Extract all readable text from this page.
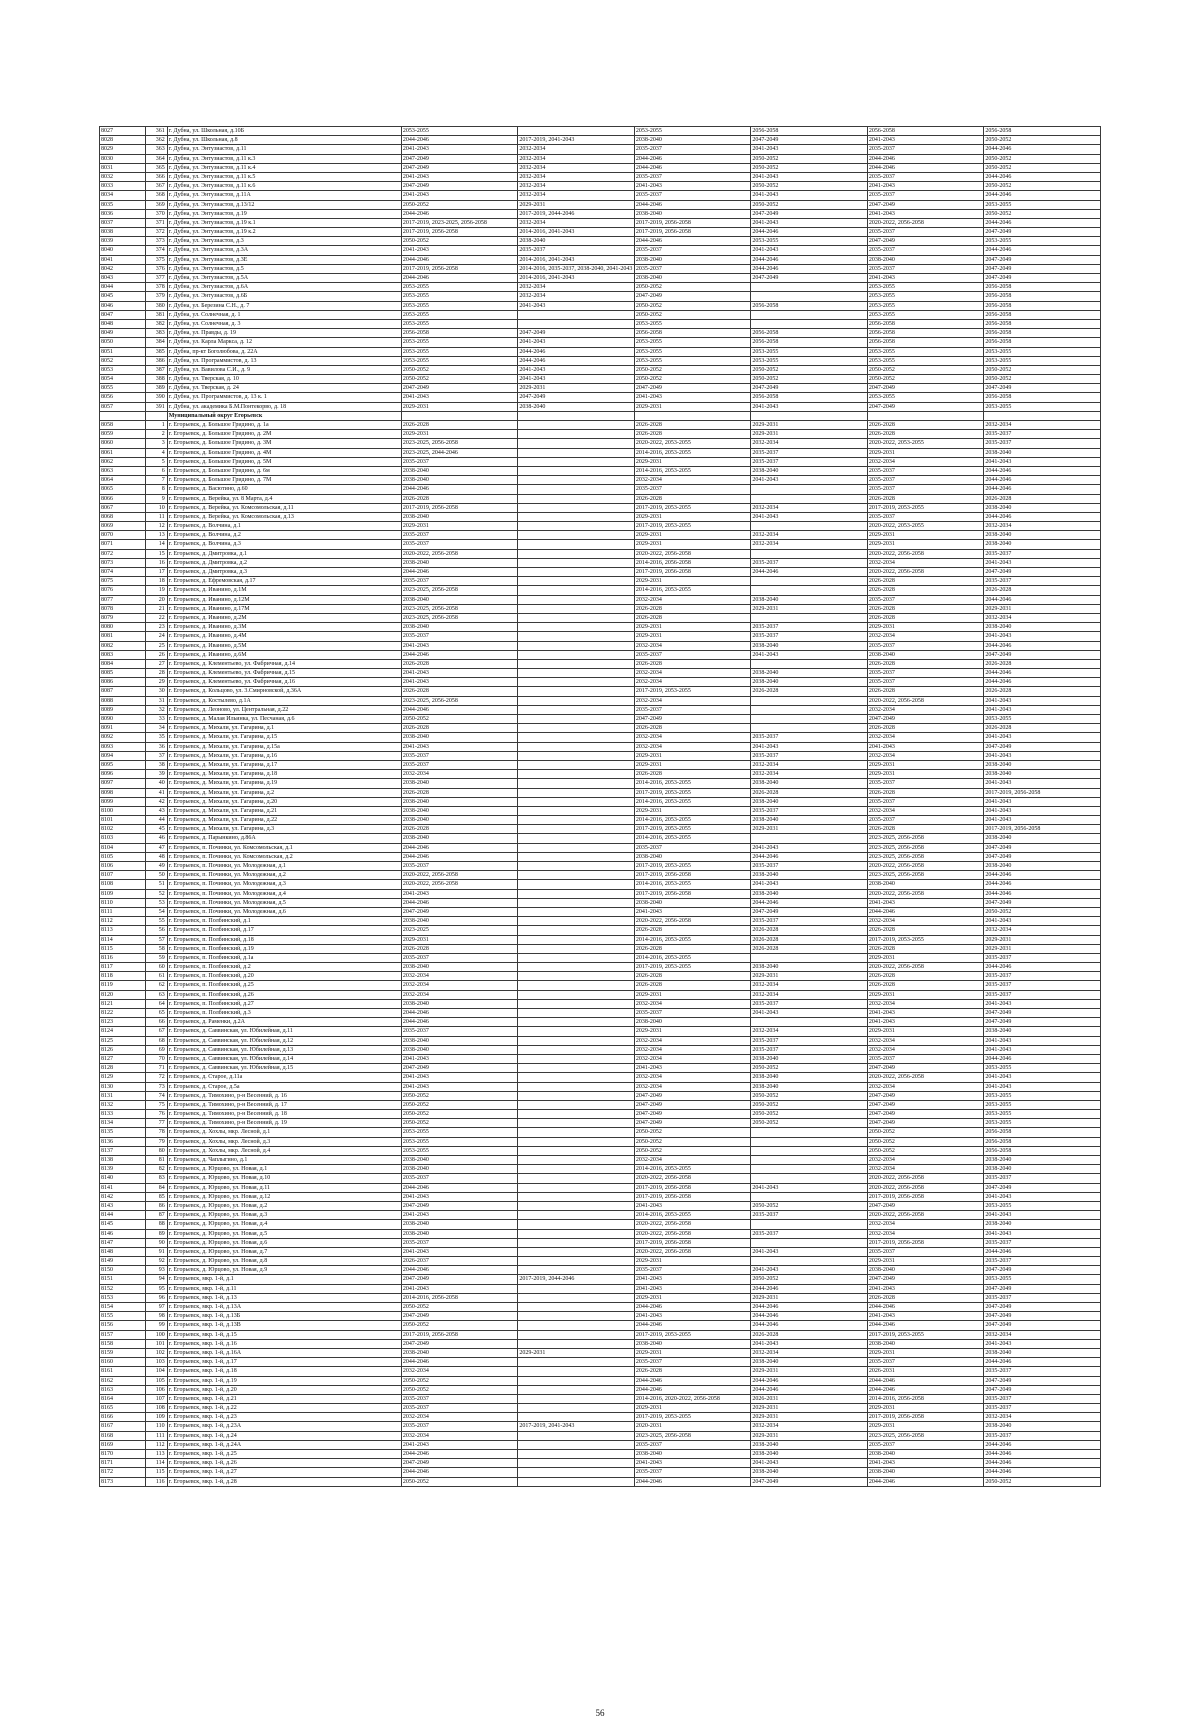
8027	361	г. Дубна, ул. Школьная, д.10Б	2053-2055		2053-2055	2056-2058	2056-2058	2056-2058
8028	362	г. Дубна, ул. Школьная, д.8	2044-2046	2017-2019, 2041-2043	2038-2040	2047-2049	2041-2043	2050-2052
8029	363	г. Дубна, ул. Энтузиастов, д.11	2041-2043	2032-2034	2035-2037	2041-2043	2035-2037	2044-2046
8030	364	г. Дубна, ул. Энтузиастов, д.11 к.3	2047-2049	2032-2034	2044-2046	2050-2052	2044-2046	2050-2052
8031	365	г. Дубна, ул. Энтузиастов, д.11 к.4	2047-2049	2032-2034	2044-2046	2050-2052	2044-2046	2050-2052
8032	366	г. Дубна, ул. Энтузиастов, д.11 к.5	2041-2043	2032-2034	2035-2037	2041-2043	2035-2037	2044-2046
8033	367	г. Дубна, ул. Энтузиастов, д.11 к.6	2047-2049	2032-2034	2041-2043	2050-2052	2041-2043	2050-2052
8034	368	г. Дубна, ул. Энтузиастов, д.11А	2041-2043	2032-2034	2035-2037	2041-2043	2035-2037	2044-2046
8035	369	г. Дубна, ул. Энтузиастов, д.13/12	2050-2052	2029-2031	2044-2046	2050-2052	2047-2049	2053-2055
8036	370	г. Дубна, ул. Энтузиастов, д.19	2044-2046	2017-2019, 2044-2046	2038-2040	2047-2049	2041-2043	2050-2052
8037	371	г. Дубна, ул. Энтузиастов, д.19 к.1	2017-2019, 2023-2025, 2056-2058	2032-2034	2017-2019, 2056-2058	2041-2043	2020-2022, 2056-2058	2044-2046
8038	372	г. Дубна, ул. Энтузиастов, д.19 к.2	2017-2019, 2056-2058	2014-2016, 2041-2043	2017-2019, 2056-2058	2044-2046	2035-2037	2047-2049
8039	373	г. Дубна, ул. Энтузиастов, д.3	2050-2052	2038-2040	2044-2046	2053-2055	2047-2049	2053-2055
8040	374	г. Дубна, ул. Энтузиастов, д.3А	2041-2043	2035-2037	2035-2037	2041-2043	2035-2037	2044-2046
8041	375	г. Дубна, ул. Энтузиастов, д.3Е	2044-2046	2014-2016, 2041-2043	2038-2040	2044-2046	2038-2040	2047-2049
8042	376	г. Дубна, ул. Энтузиастов, д.5	2017-2019, 2056-2058	2014-2016, 2035-2037, 2038-2040, 2041-2043	2035-2037	2044-2046	2035-2037	2047-2049
8043	377	г. Дубна, ул. Энтузиастов, д.5А	2044-2046	2014-2016, 2041-2043	2038-2040	2047-2049	2041-2043	2047-2049
8044	378	г. Дубна, ул. Энтузиастов, д.6А	2053-2055	2032-2034	2050-2052		2053-2055	2056-2058
8045	379	г. Дубна, ул. Энтузиастов, д.6Б	2053-2055	2032-2034	2047-2049		2053-2055	2056-2058
8046	380	г. Дубна, ул. Березина С.Н., д. 7	2053-2055	2041-2043	2050-2052	2056-2058	2053-2055	2056-2058
8047	381	г. Дубна, ул. Солнечная, д. 1	2053-2055		2050-2052		2053-2055	2056-2058
8048	382	г. Дубна, ул. Солнечная, д. 3	2053-2055		2053-2055		2056-2058	2056-2058
8049	383	г. Дубна, ул. Правды, д. 19	2056-2058	2047-2049	2056-2058	2056-2058	2056-2058	2056-2058
8050	384	г. Дубна, ул. Карла Маркса, д. 12	2053-2055	2041-2043	2053-2055	2056-2058	2056-2058	2056-2058
8051	385	г. Дубна, пр-кт Боголюбова, д. 22А	2053-2055	2044-2046	2053-2055	2053-2055	2053-2055	2053-2055
8052	386	г. Дубна, ул. Программистов, д. 13	2053-2055	2044-2046	2053-2055	2053-2055	2053-2055	2053-2055
8053	387	г. Дубна, ул. Вавилова С.И., д. 9	2050-2052	2041-2043	2050-2052	2050-2052	2050-2052	2050-2052
8054	388	г. Дубна, ул. Тверская, д. 10	2050-2052	2041-2043	2050-2052	2050-2052	2050-2052	2050-2052
8055	389	г. Дубна, ул. Тверская, д. 24	2047-2049	2029-2031	2047-2049	2047-2049	2047-2049	2047-2049
8056	390	г. Дубна, ул. Программистов, д. 13 к. 1	2041-2043	2047-2049	2041-2043	2056-2058	2053-2055	2056-2058
8057	391	г. Дубна, ул. академика Б.М.Понтекорво, д. 18	2029-2031	2038-2040	2029-2031	2041-2043	2047-2049	2053-2055
		Муниципальный округ Егорьевск						
8058	1	г. Егорьевск, д. Большое Гридино, д. 1а	2026-2028		2026-2028	2029-2031	2026-2028	2032-2034
8059	2	г. Егорьевск, д. Большое Гридино, д. 2М	2029-2031		2026-2028	2029-2031	2026-2028	2035-2037
8060	3	г. Егорьевск, д. Большое Гридино, д. 3М	2023-2025, 2056-2058		2020-2022, 2053-2055	2032-2034	2020-2022, 2053-2055	2035-2037
8061	4	г. Егорьевск, д. Большое Гридино, д. 4М	2023-2025, 2044-2046		2014-2016, 2053-2055	2035-2037	2029-2031	2038-2040
8062	5	г. Егорьевск, д. Большое Гридино, д. 5М	2035-2037		2029-2031	2035-2037	2032-2034	2041-2043
8063	6	г. Егорьевск, д. Большое Гридино, д. 6м	2038-2040		2014-2016, 2053-2055	2038-2040	2035-2037	2044-2046
8064	7	г. Егорьевск, д. Большое Гридино, д. 7М	2038-2040		2032-2034	2041-2043	2035-2037	2044-2046
8065	8	г. Егорьевск, д. Васютино, д.60	2044-2046		2035-2037		2035-2037	2044-2046
8066	9	г. Егорьевск, д. Верейка, ул. 8 Марта, д.4	2026-2028		2026-2028		2026-2028	2026-2028
8067	10	г. Егорьевск, д. Верейка, ул. Комсомольская, д.11	2017-2019, 2056-2058		2017-2019, 2053-2055	2032-2034	2017-2019, 2053-2055	2038-2040
8068	11	г. Егорьевск, д. Верейка, ул. Комсомольская, д.13	2038-2040		2029-2031	2041-2043	2035-2037	2044-2046
8069	12	г. Егорьевск, д. Волчина, д.1	2029-2031		2017-2019, 2053-2055		2020-2022, 2053-2055	2032-2034
8070	13	г. Егорьевск, д. Волчина, д.2	2035-2037		2029-2031	2032-2034	2029-2031	2038-2040
8071	14	г. Егорьевск, д. Волчина, д.3	2035-2037		2029-2031	2032-2034	2029-2031	2038-2040
8072	15	г. Егорьевск, д. Дмитровка, д.1	2020-2022, 2056-2058		2020-2022, 2056-2058		2020-2022, 2056-2058	2035-2037
8073	16	г. Егорьевск, д. Дмитровка, д.2	2038-2040		2014-2016, 2056-2058	2035-2037	2032-2034	2041-2043
8074	17	г. Егорьевск, д. Дмитровка, д.3	2044-2046		2017-2019, 2056-2058	2044-2046	2020-2022, 2056-2058	2047-2049
8075	18	г. Егорьевск, д. Ефремовская, д.17	2035-2037		2029-2031		2026-2028	2035-2037
8076	19	г. Егорьевск, д. Иванино, д.1М	2023-2025, 2056-2058		2014-2016, 2053-2055		2026-2028	2026-2028
8077	20	г. Егорьевск, д. Иванино, д.12М	2038-2040		2032-2034	2038-2040	2035-2037	2044-2046
8078	21	г. Егорьевск, д. Иванино, д.17М	2023-2025, 2056-2058		2026-2028	2029-2031	2026-2028	2029-2031
8079	22	г. Егорьевск, д. Иванино, д.2М	2023-2025, 2056-2058		2026-2028		2026-2028	2032-2034
8080	23	г. Егорьевск, д. Иванино, д.3М	2038-2040		2029-2031	2035-2037	2029-2031	2038-2040
8081	24	г. Егорьевск, д. Иванино, д.4М	2035-2037		2029-2031	2035-2037	2032-2034	2041-2043
8082	25	г. Егорьевск, д. Иванино, д.5М	2041-2043		2032-2034	2038-2040	2035-2037	2044-2046
8083	26	г. Егорьевск, д. Иванино, д.6М	2044-2046		2035-2037	2041-2043	2038-2040	2047-2049
8084	27	г. Егорьевск, д. Клементьево, ул. Фабричная, д.14	2026-2028		2026-2028		2026-2028	2026-2028
8085	28	г. Егорьевск, д. Клементьево, ул. Фабричная, д.15	2041-2043		2032-2034	2038-2040	2035-2037	2044-2046
8086	29	г. Егорьевск, д. Клементьево, ул. Фабричная, д.16	2041-2043		2032-2034	2038-2040	2035-2037	2044-2046
8087	30	г. Егорьевск, д. Кольцово, ул. 3.Смирновской, д.36А	2026-2028		2017-2019, 2053-2055	2026-2028	2026-2028	2026-2028
8088	31	г. Егорьевск, д. Костылево, д.1А	2023-2025, 2056-2058		2032-2034		2020-2022, 2056-2058	2041-2043
8089	32	г. Егорьевск, д. Леоново, ул. Центральная, д.22	2044-2046		2035-2037		2032-2034	2041-2043
8090	33	г. Егорьевск, д. Малая Ильинка, ул. Песчаная, д.6	2050-2052		2047-2049		2047-2049	2053-2055
8091	34	г. Егорьевск, д. Михали, ул. Гагарина, д.1	2026-2028		2026-2028		2026-2028	2026-2028
8092	35	г. Егорьевск, д. Михали, ул. Гагарина, д.15	2038-2040		2032-2034	2035-2037	2032-2034	2041-2043
8093	36	г. Егорьевск, д. Михали, ул. Гагарина, д.15а	2041-2043		2032-2034	2041-2043	2041-2043	2047-2049
8094	37	г. Егорьевск, д. Михали, ул. Гагарина, д.16	2035-2037		2029-2031	2035-2037	2032-2034	2041-2043
8095	38	г. Егорьевск, д. Михали, ул. Гагарина, д.17	2035-2037		2029-2031	2032-2034	2029-2031	2038-2040
8096	39	г. Егорьевск, д. Михали, ул. Гагарина, д.18	2032-2034		2026-2028	2032-2034	2029-2031	2038-2040
8097	40	г. Егорьевск, д. Михали, ул. Гагарина, д.19	2038-2040		2014-2016, 2053-2055	2038-2040	2035-2037	2041-2043
8098	41	г. Егорьевск, д. Михали, ул. Гагарина, д.2	2026-2028		2017-2019, 2053-2055	2026-2028	2026-2028	2017-2019, 2056-2058
8099	42	г. Егорьевск, д. Михали, ул. Гагарина, д.20	2038-2040		2014-2016, 2053-2055	2038-2040	2035-2037	2041-2043
8100	43	г. Егорьевск, д. Михали, ул. Гагарина, д.21	2038-2040		2029-2031	2035-2037	2032-2034	2041-2043
8101	44	г. Егорьевск, д. Михали, ул. Гагарина, д.22	2038-2040		2014-2016, 2053-2055	2038-2040	2035-2037	2041-2043
8102	45	г. Егорьевск, д. Михали, ул. Гагарина, д.3	2026-2028		2017-2019, 2053-2055	2029-2031	2026-2028	2017-2019, 2056-2058
8103	46	г. Егорьевск, д. Парынкино, д.86А	2038-2040		2014-2016, 2053-2055		2023-2025, 2056-2058	2038-2040
8104	47	г. Егорьевск, п. Починки, ул. Комсомольская, д.1	2044-2046		2035-2037	2041-2043	2023-2025, 2056-2058	2047-2049
8105	48	г. Егорьевск, п. Починки, ул. Комсомольская, д.2	2044-2046		2038-2040	2044-2046	2023-2025, 2056-2058	2047-2049
8106	49	г. Егорьевск, п. Починки, ул. Молодежная, д.1	2035-2037		2017-2019, 2053-2055	2035-2037	2020-2022, 2056-2058	2038-2040
8107	50	г. Егорьевск, п. Починки, ул. Молодежная, д.2	2020-2022, 2056-2058		2017-2019, 2056-2058	2038-2040	2023-2025, 2056-2058	2044-2046
8108	51	г. Егорьевск, п. Починки, ул. Молодежная, д.3	2020-2022, 2056-2058		2014-2016, 2053-2055	2041-2043	2038-2040	2044-2046
8109	52	г. Егорьевск, п. Починки, ул. Молодежная, д.4	2041-2043		2017-2019, 2056-2058	2038-2040	2020-2022, 2056-2058	2044-2046
8110	53	г. Егорьевск, п. Починки, ул. Молодежная, д.5	2044-2046		2038-2040	2044-2046	2041-2043	2047-2049
8111	54	г. Егорьевск, п. Починки, ул. Молодежная, д.6	2047-2049		2041-2043	2047-2049	2044-2046	2050-2052
8112	55	г. Егорьевск, п. Полбинский, д.1	2038-2040		2020-2022, 2056-2058	2035-2037	2032-2034	2041-2043
8113	56	г. Егорьевск, п. Полбинский, д.17	2023-2025		2026-2028	2026-2028	2026-2028	2032-2034
8114	57	г. Егорьевск, п. Полбинский, д.18	2029-2031		2014-2016, 2053-2055	2026-2028	2017-2019, 2053-2055	2029-2031
8115	58	г. Егорьевск, п. Полбинский, д.19	2026-2028		2026-2028	2026-2028	2026-2028	2029-2031
8116	59	г. Егорьевск, п. Полбинский, д.1а	2035-2037		2014-2016, 2053-2055		2029-2031	2035-2037
8117	60	г. Егорьевск, п. Полбинский, д.2	2038-2040		2017-2019, 2053-2055	2038-2040	2020-2022, 2056-2058	2044-2046
8118	61	г. Егорьевск, п. Полбинский, д.20	2032-2034		2026-2028	2029-2031	2026-2028	2035-2037
8119	62	г. Егорьевск, п. Полбинский, д.25	2032-2034		2026-2028	2032-2034	2026-2028	2035-2037
8120	63	г. Егорьевск, п. Полбинский, д.26	2032-2034		2029-2031	2032-2034	2029-2031	2035-2037
8121	64	г. Егорьевск, п. Полбинский, д.27	2038-2040		2032-2034	2035-2037	2032-2034	2041-2043
8122	65	г. Егорьевск, п. Полбинский, д.3	2044-2046		2035-2037	2041-2043	2041-2043	2047-2049
8123	66	г. Егорьевск, д. Раменки, д.2А	2044-2046		2038-2040		2041-2043	2047-2049
8124	67	г. Егорьевск, д. Саввинская, ул. Юбилейная, д.11	2035-2037		2029-2031	2032-2034	2029-2031	2038-2040
8125	68	г. Егорьевск, д. Саввинская, ул. Юбилейная, д.12	2038-2040		2032-2034	2035-2037	2032-2034	2041-2043
8126	69	г. Егорьевск, д. Саввинская, ул. Юбилейная, д.13	2038-2040		2032-2034	2035-2037	2032-2034	2041-2043
8127	70	г. Егорьевск, д. Саввинская, ул. Юбилейная, д.14	2041-2043		2032-2034	2038-2040	2035-2037	2044-2046
8128	71	г. Егорьевск, д. Саввинская, ул. Юбилейная, д.15	2047-2049		2041-2043	2050-2052	2047-2049	2053-2055
8129	72	г. Егорьевск, д. Старое, д.11а	2041-2043		2032-2034	2038-2040	2020-2022, 2056-2058	2041-2043
8130	73	г. Егорьевск, д. Старое, д.5а	2041-2043		2032-2034	2038-2040	2032-2034	2041-2043
8131	74	г. Егорьевск, д. Тимохино, р-н Весенний, д. 16	2050-2052		2047-2049	2050-2052	2047-2049	2053-2055
8132	75	г. Егорьевск, д. Тимохино, р-н Весенний, д. 17	2050-2052		2047-2049	2050-2052	2047-2049	2053-2055
8133	76	г. Егорьевск, д. Тимохино, р-н Весенний, д. 18	2050-2052		2047-2049	2050-2052	2047-2049	2053-2055
8134	77	г. Егорьевск, д. Тимохино, р-н Весенний, д. 19	2050-2052		2047-2049	2050-2052	2047-2049	2053-2055
8135	78	г. Егорьевск, д. Хохлы, мкр. Лесной, д.1	2053-2055		2050-2052		2050-2052	2056-2058
8136	79	г. Егорьевск, д. Хохлы, мкр. Лесной, д.3	2053-2055		2050-2052		2050-2052	2056-2058
8137	80	г. Егорьевск, д. Хохлы, мкр. Лесной, д.4	2053-2055		2050-2052		2050-2052	2056-2058
8138	81	г. Егорьевск, д. Чаплыгино, д.1	2038-2040		2032-2034		2032-2034	2038-2040
8139	82	г. Егорьевск, д. Юрцово, ул. Новая, д.1	2038-2040		2014-2016, 2053-2055		2032-2034	2038-2040
8140	83	г. Егорьевск, д. Юрцово, ул. Новая, д.10	2035-2037		2020-2022, 2056-2058		2020-2022, 2056-2058	2035-2037
8141	84	г. Егорьевск, д. Юрцово, ул. Новая, д.11	2044-2046		2017-2019, 2056-2058	2041-2043	2020-2022, 2056-2058	2047-2049
8142	85	г. Егорьевск, д. Юрцово, ул. Новая, д.12	2041-2043		2017-2019, 2056-2058		2017-2019, 2056-2058	2041-2043
8143	86	г. Егорьевск, д. Юрцово, ул. Новая, д.2	2047-2049		2041-2043	2050-2052	2047-2049	2053-2055
8144	87	г. Егорьевск, д. Юрцово, ул. Новая, д.3	2041-2043		2014-2016, 2053-2055	2035-2037	2020-2022, 2056-2058	2041-2043
8145	88	г. Егорьевск, д. Юрцово, ул. Новая, д.4	2038-2040		2020-2022, 2056-2058		2032-2034	2038-2040
8146	89	г. Егорьевск, д. Юрцово, ул. Новая, д.5	2038-2040		2020-2022, 2056-2058	2035-2037	2032-2034	2041-2043
8147	90	г. Егорьевск, д. Юрцово, ул. Новая, д.6	2035-2037		2017-2019, 2056-2058		2017-2019, 2056-2058	2035-2037
8148	91	г. Егорьевск, д. Юрцово, ул. Новая, д.7	2041-2043		2020-2022, 2056-2058	2041-2043	2035-2037	2044-2046
8149	92	г. Егорьевск, д. Юрцово, ул. Новая, д.8	2026-2037		2029-2031		2029-2031	2035-2037
8150	93	г. Егорьевск, д. Юрцово, ул. Новая, д.9	2044-2046		2035-2037	2041-2043	2038-2040	2047-2049
8151	94	г. Егорьевск, мкр. 1-й, д.1	2047-2049	2017-2019, 2044-2046	2041-2043	2050-2052	2047-2049	2053-2055
8152	95	г. Егорьевск, мкр. 1-й, д.11	2041-2043		2041-2043	2044-2046	2041-2043	2047-2049
8153	96	г. Егорьевск, мкр. 1-й, д.13	2014-2016, 2056-2058		2029-2031	2029-2031	2026-2028	2035-2037
8154	97	г. Егорьевск, мкр. 1-й, д.13А	2050-2052		2044-2046	2044-2046	2044-2046	2047-2049
8155	98	г. Егорьевск, мкр. 1-й, д.13Б	2047-2049		2041-2043	2044-2046	2041-2043	2047-2049
8156	99	г. Егорьевск, мкр. 1-й, д.13В	2050-2052		2044-2046	2044-2046	2044-2046	2047-2049
8157	100	г. Егорьевск, мкр. 1-й, д.15	2017-2019, 2056-2058		2017-2019, 2053-2055	2026-2028	2017-2019, 2053-2055	2032-2034
8158	101	г. Егорьевск, мкр. 1-й, д.16	2047-2049		2038-2040	2041-2043	2038-2040	2041-2043
8159	102	г. Егорьевск, мкр. 1-й, д.16А	2038-2040	2029-2031	2029-2031	2032-2034	2029-2031	2038-2040
8160	103	г. Егорьевск, мкр. 1-й, д.17	2044-2046		2035-2037	2038-2040	2035-2037	2044-2046
8161	104	г. Егорьевск, мкр. 1-й, д.18	2032-2034		2026-2028	2029-2031	2026-2031	2035-2037
8162	105	г. Егорьевск, мкр. 1-й, д.19	2050-2052		2044-2046	2044-2046	2044-2046	2047-2049
8163	106	г. Егорьевск, мкр. 1-й, д.20	2050-2052		2044-2046	2044-2046	2044-2046	2047-2049
8164	107	г. Егорьевск, мкр. 1-й, д.21	2035-2037		2014-2016, 2020-2022, 2056-2058	2026-2031	2014-2016, 2056-2058	2035-2037
8165	108	г. Егорьевск, мкр. 1-й, д.22	2035-2037		2029-2031	2029-2031	2029-2031	2035-2037
8166	109	г. Егорьевск, мкр. 1-й, д.23	2032-2034		2017-2019, 2053-2055	2029-2031	2017-2019, 2056-2058	2032-2034
8167	110	г. Егорьевск, мкр. 1-й, д.23А	2035-2037	2017-2019, 2041-2043	2020-2031	2032-2034	2029-2031	2038-2040
8168	111	г. Егорьевск, мкр. 1-й, д.24	2032-2034		2023-2025, 2056-2058	2029-2031	2023-2025, 2056-2058	2035-2037
8169	112	г. Егорьевск, мкр. 1-й, д.24А	2041-2043		2035-2037	2038-2040	2035-2037	2044-2046
8170	113	г. Егорьевск, мкр. 1-й, д.25	2044-2046		2038-2040	2038-2040	2038-2040	2044-2046
8171	114	г. Егорьевск, мкр. 1-й, д.26	2047-2049		2041-2043	2041-2043	2041-2043	2044-2046
8172	115	г. Егорьевск, мкр. 1-й, д.27	2044-2046		2035-2037	2038-2040	2038-2040	2044-2046
8173	116	г. Егорьевск, мкр. 1-й, д.28	2050-2052		2044-2046	2047-2049	2044-2046	2050-2052
56
